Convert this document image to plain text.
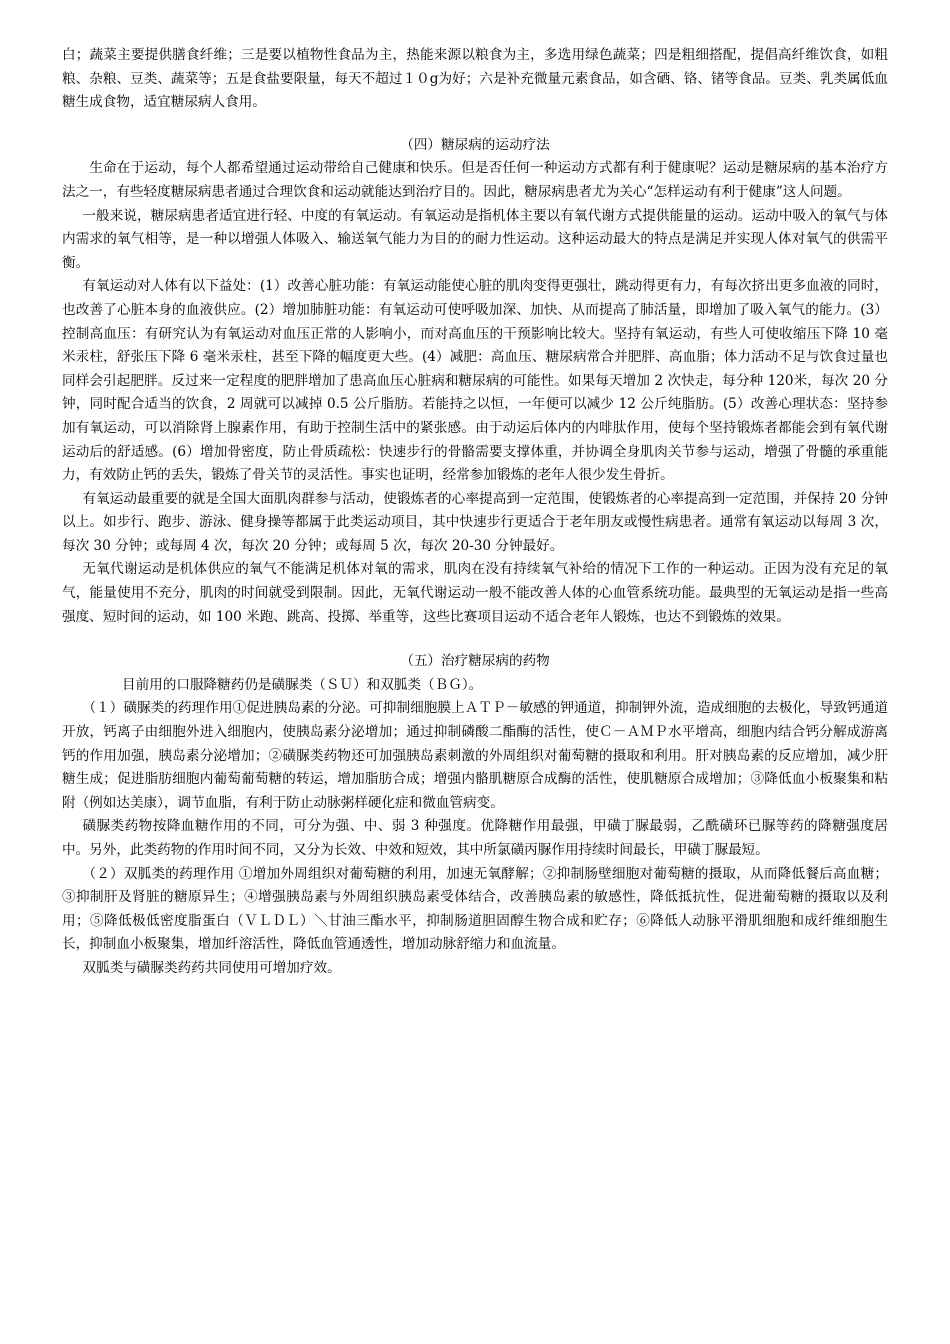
白；蔬菜主要提供膳食纤维；三是要以植物性食品为主，热能来源以粮食为主，多选用绿色蔬菜；四是粗细搭配，提倡高纤维饮食，如粗粮、杂粮、豆类、蔬菜等；五是食盐要限量，每天不超过１０g为好；六是补充微量元素食品，如含硒、铬、锗等食品。豆类、乳类属低血糖生成食物，适宜糖尿病人食用。

（四）糖尿病的运动疗法

生命在于运动，每个人都希望通过运动带给自己健康和快乐。但是否任何一种运动方式都有利于健康呢？运动是糖尿病的基本治疗方法之一，有些轻度糖尿病患者通过合理饮食和运动就能达到治疗目的。因此，糖尿病患者尤为关心“怎样运动有利于健康”这人问题。

一般来说，糖尿病患者适宜进行轻、中度的有氧运动。有氧运动是指机体主要以有氧代谢方式提供能量的运动。运动中吸入的氧气与体内需求的氧气相等，是一种以增强人体吸入、输送氧气能力为目的的耐力性运动。这种运动最大的特点是满足并实现人体对氧气的供需平衡。

有氧运动对人体有以下益处：(1）改善心脏功能：有氧运动能使心脏的肌肉变得更强壮，跳动得更有力，有每次挤出更多血液的同时，也改善了心脏本身的血液供应。(2）增加肺脏功能：有氧运动可使呼吸加深、加快、从而提高了肺活量，即增加了吸入氧气的能力。(3）控制高血压：有研究认为有氧运动对血压正常的人影响小，而对高血压的干预影响比较大。坚持有氧运动，有些人可使收缩压下降 10 毫米汞柱，舒张压下降 6 毫米汞柱，甚至下降的幅度更大些。(4）减肥：高血压、糖尿病常合并肥胖、高血脂；体力活动不足与饮食过量也同样会引起肥胖。反过来一定程度的肥胖增加了患高血压心脏病和糖尿病的可能性。如果每天增加 2 次快走，每分种 120米，每次 20 分钟，同时配合适当的饮食，2 周就可以减掉 0.5 公斤脂肪。若能持之以恒，一年便可以减少 12 公斤纯脂肪。(5）改善心理状态：坚持参加有氧运动，可以消除肾上腺素作用，有助于控制生活中的紧张感。由于动运后体内的内啡肽作用，使每个坚持锻炼者都能会到有氧代谢运动后的舒适感。(6）增加骨密度，防止骨质疏松：快速步行的骨骼需要支撑体重，并协调全身肌肉关节参与运动，增强了骨髓的承重能力，有效防止钙的丢失，锻炼了骨关节的灵活性。事实也证明，经常参加锻炼的老年人很少发生骨折。

有氧运动最重要的就是全国大面肌肉群参与活动，使锻炼者的心率提高到一定范围，使锻炼者的心率提高到一定范围，并保持 20 分钟以上。如步行、跑步、游泳、健身操等都属于此类运动项目，其中快速步行更适合于老年朋友或慢性病患者。通常有氧运动以每周 3 次，每次 30 分钟；或每周 4 次，每次 20 分钟；或每周 5 次，每次 20-30 分钟最好。

无氧代谢运动是机体供应的氧气不能满足机体对氧的需求，肌肉在没有持续氧气补给的情况下工作的一种运动。正因为没有充足的氧气，能量使用不充分，肌肉的时间就受到限制。因此，无氧代谢运动一般不能改善人体的心血管系统功能。最典型的无氧运动是指一些高强度、短时间的运动，如 100 米跑、跳高、投掷、举重等，这些比赛项目运动不适合老年人锻炼，也达不到锻炼的效果。

（五）治疗糖尿病的药物

目前用的口服降糖药仍是磺脲类（ＳＵ）和双胍类（ＢＧ）。

（１）磺脲类的药理作用①促进胰岛素的分泌。可抑制细胞膜上ＡＴＰ－敏感的钾通道，抑制钾外流，造成细胞的去极化，导致钙通道开放，钙离子由细胞外进入细胞内，使胰岛素分泌增加；通过抑制磷酸二酯酶的活性，使Ｃ－ＡＭＰ水平增高，细胞内结合钙分解成游离钙的作用加强，胰岛素分泌增加；②磺脲类药物还可加强胰岛素刺激的外周组织对葡萄糖的摄取和利用。肝对胰岛素的反应增加，减少肝糖生成；促进脂肪细胞内葡萄葡萄糖的转运，增加脂肪合成；增强内骼肌糖原合成酶的活性，使肌糖原合成增加；③降低血小板聚集和粘附（例如达美康），调节血脂，有利于防止动脉粥样硬化症和微血管病变。

磺脲类药物按降血糖作用的不同，可分为强、中、弱 3 种强度。优降糖作用最强，甲磺丁脲最弱，乙酰磺环已脲等药的降糖强度居中。另外，此类药物的作用时间不同，又分为长效、中效和短效，其中所氯磺丙脲作用持续时间最长，甲磺丁脲最短。

（２）双胍类的药理作用 ①增加外周组织对葡萄糖的利用，加速无氧酵解；②抑制肠壁细胞对葡萄糖的摄取，从而降低餐后高血糖；③抑制肝及肾脏的糖原异生；④增强胰岛素与外周组织胰岛素受体结合，改善胰岛素的敏感性，降低抵抗性，促进葡萄糖的摄取以及利用；⑤降低极低密度脂蛋白（ＶＬＤＬ）＼甘油三酯水平，抑制肠道胆固醇生物合成和贮存；⑥降低人动脉平滑肌细胞和成纤维细胞生长，抑制血小板聚集，增加纤溶活性，降低血管通透性，增加动脉舒缩力和血流量。

双胍类与磺脲类药药共同使用可增加疗效。
